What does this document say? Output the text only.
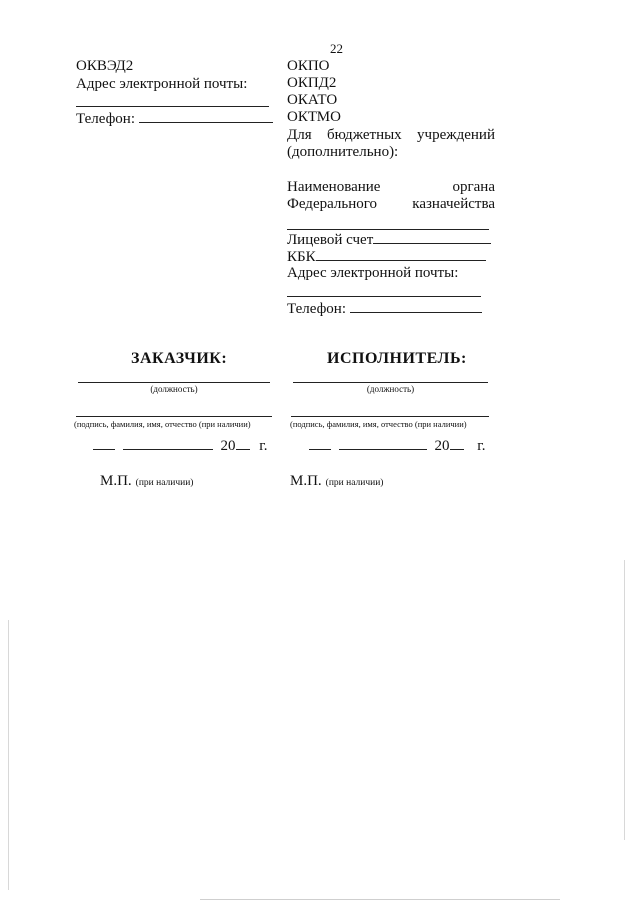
22
ОКВЭД2
Адрес электронной почты:
Телефон:
ОКПО
ОКПД2
ОКАТО
ОКТМО
Для бюджетных учреждений
(дополнительно):
Наименование	органа
Федерального казначейства
Лицевой счет
КБК
Адрес электронной почты:
Телефон:
ЗАКАЗЧИК:	ИСПОЛНИТЕЛЬ:
(должность)	(должность)
(подпись, фамилия, имя, отчество (при наличии)	(подпись, фамилия, имя, отчество (при наличии)
20 г.	20 г.
М.П. (при наличии)	М.П. (при наличии)
